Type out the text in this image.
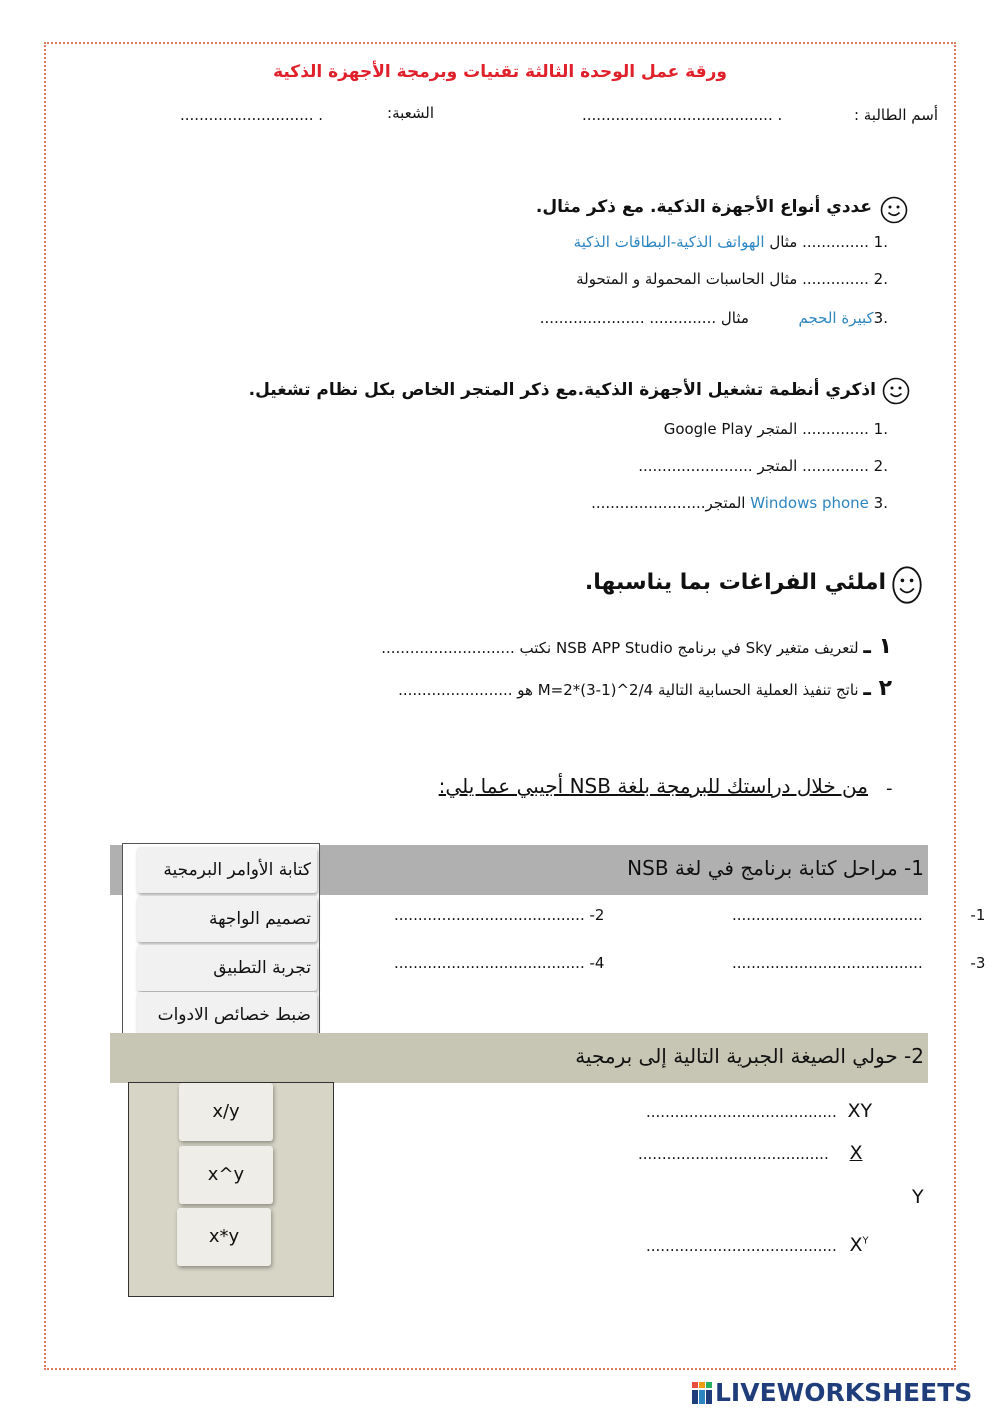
ورقة عمل الوحدة الثالثة تقنيات وبرمجة الأجهزة الذكية
أسم الطالبة :
........................................ .
الشعبة:
............................ .
عددي أنواع الأجهزة الذكية. مع ذكر مثال.
.1 .............. مثال الهواتف الذكية-البطاقات الذكية
.2 .............. مثال الحاسبات المحمولة و المتحولة
.3كبيرة الحجم  مثال .............. ......................
اذكري أنظمة تشغيل الأجهزة الذكية.مع ذكر المتجر الخاص بكل نظام تشغيل.
.1 .............. المتجر Google Play
.2 .............. المتجر ........................
.3 Windows phone المتجر........................
املئي الفراغات بما يناسبها.
١ ـ لتعريف متغير Sky في برنامج NSB APP Studio نكتب ............................
٢ ـ ناتج تنفيذ العملية الحسابية التالية M=2*(3-1)^2/4 هو ........................
-
من خلال دراستك للبرمجة بلغة NSB أجيبي عما يلي:
1- مراحل كتابة برنامج في لغة NSB
........................................	-1
........................................ -2
........................................	-3
........................................ -4
كتابة الأوامر البرمجية
تصميم الواجهة
تجربة التطبيق
ضبط خصائص الادوات
2- حولي الصيغة الجبرية التالية إلى برمجية
........................................ XY
........................................ X
Y
........................................ $X^Y$
x/y
x^y
x*y
LIVEWORKSHEETS
